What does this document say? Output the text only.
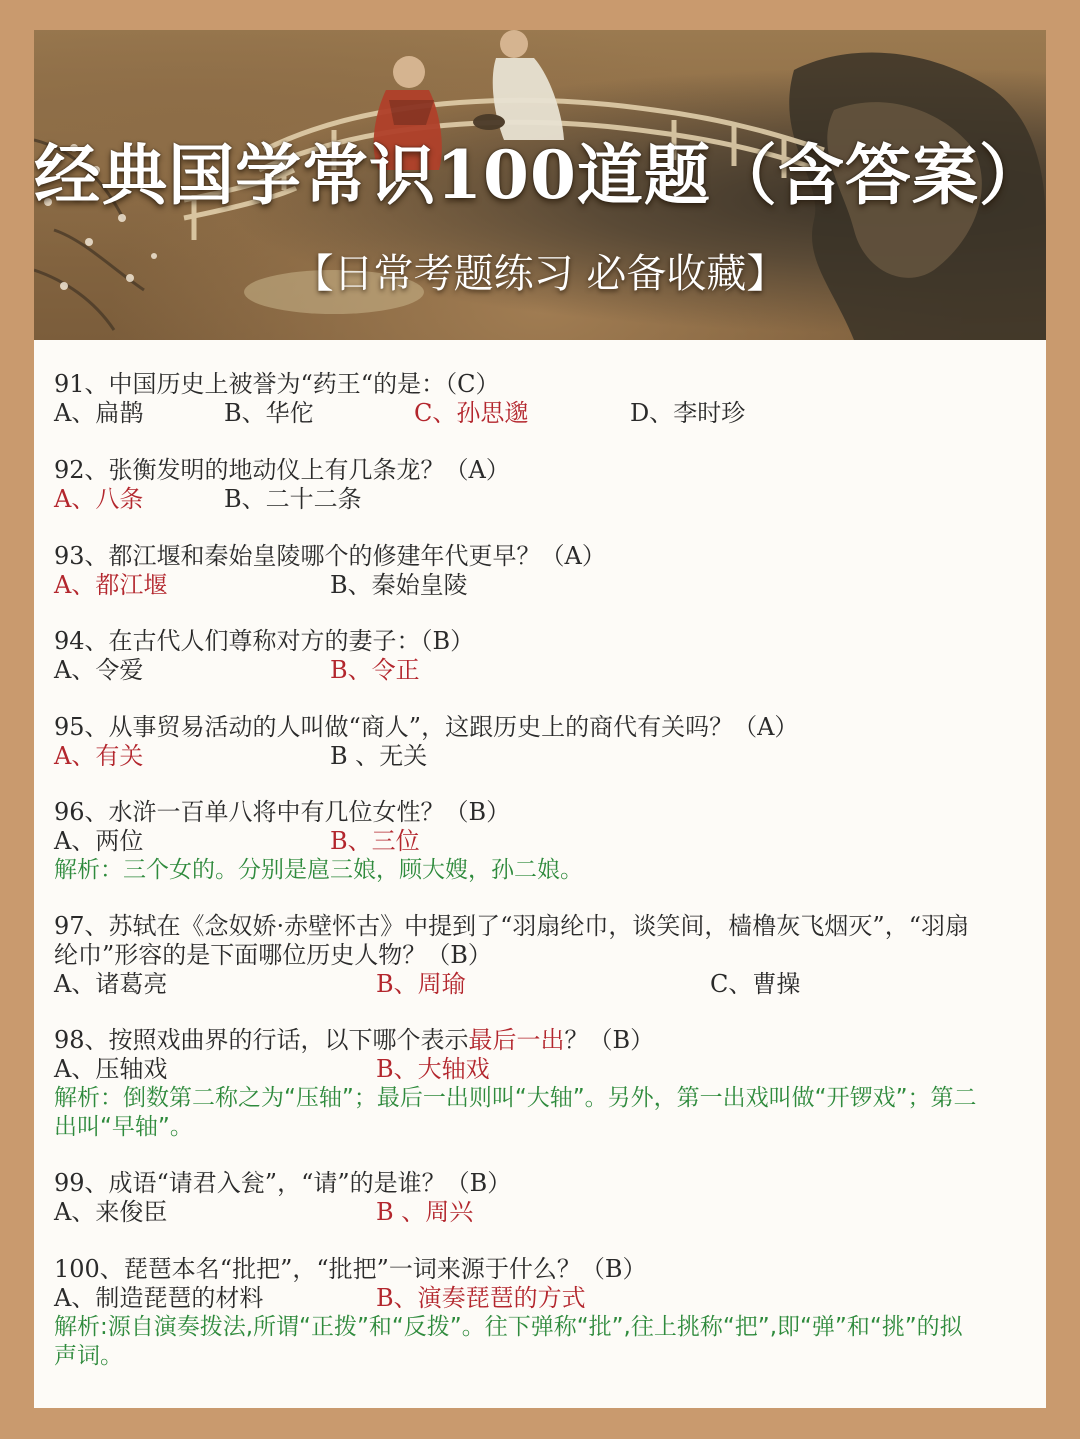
经典国学常识100道题（含答案）
【日常考题练习 必备收藏】
91、中国历史上被誉为“药王“的是：（C）
A、扁鹊	B、华佗	C、孙思邈	D、李时珍
92、张衡发明的地动仪上有几条龙？（A）
A、八条	B、二十二条
93、都江堰和秦始皇陵哪个的修建年代更早？（A）
A、都江堰	B、秦始皇陵
94、在古代人们尊称对方的妻子：（B）
A、令爱	B、令正
95、从事贸易活动的人叫做“商人”，这跟历史上的商代有关吗？（A）
A、有关	B 、无关
96、水浒一百单八将中有几位女性？（B）
A、两位	B、三位
解析：三个女的。分别是扈三娘，顾大嫂，孙二娘。
97、苏轼在《念奴娇·赤壁怀古》中提到了“羽扇纶巾，谈笑间，樯橹灰飞烟灭”，“羽扇纶巾”形容的是下面哪位历史人物？（B）
A、诸葛亮	B、周瑜	C、曹操
98、按照戏曲界的行话，以下哪个表示最后一出？（B）
A、压轴戏	B、大轴戏
解析：倒数第二称之为“压轴”；最后一出则叫“大轴”。另外，第一出戏叫做“开锣戏”；第二出叫“早轴”。
99、成语“请君入瓮”，“请”的是谁？（B）
A、来俊臣	B 、周兴
100、琵琶本名“批把”，“批把”一词来源于什么？（B）
A、制造琵琶的材料	B、演奏琵琶的方式
解析:源自演奏拨法,所谓“正拨”和“反拨”。往下弹称“批”,往上挑称“把”,即“弹”和“挑”的拟声词。
